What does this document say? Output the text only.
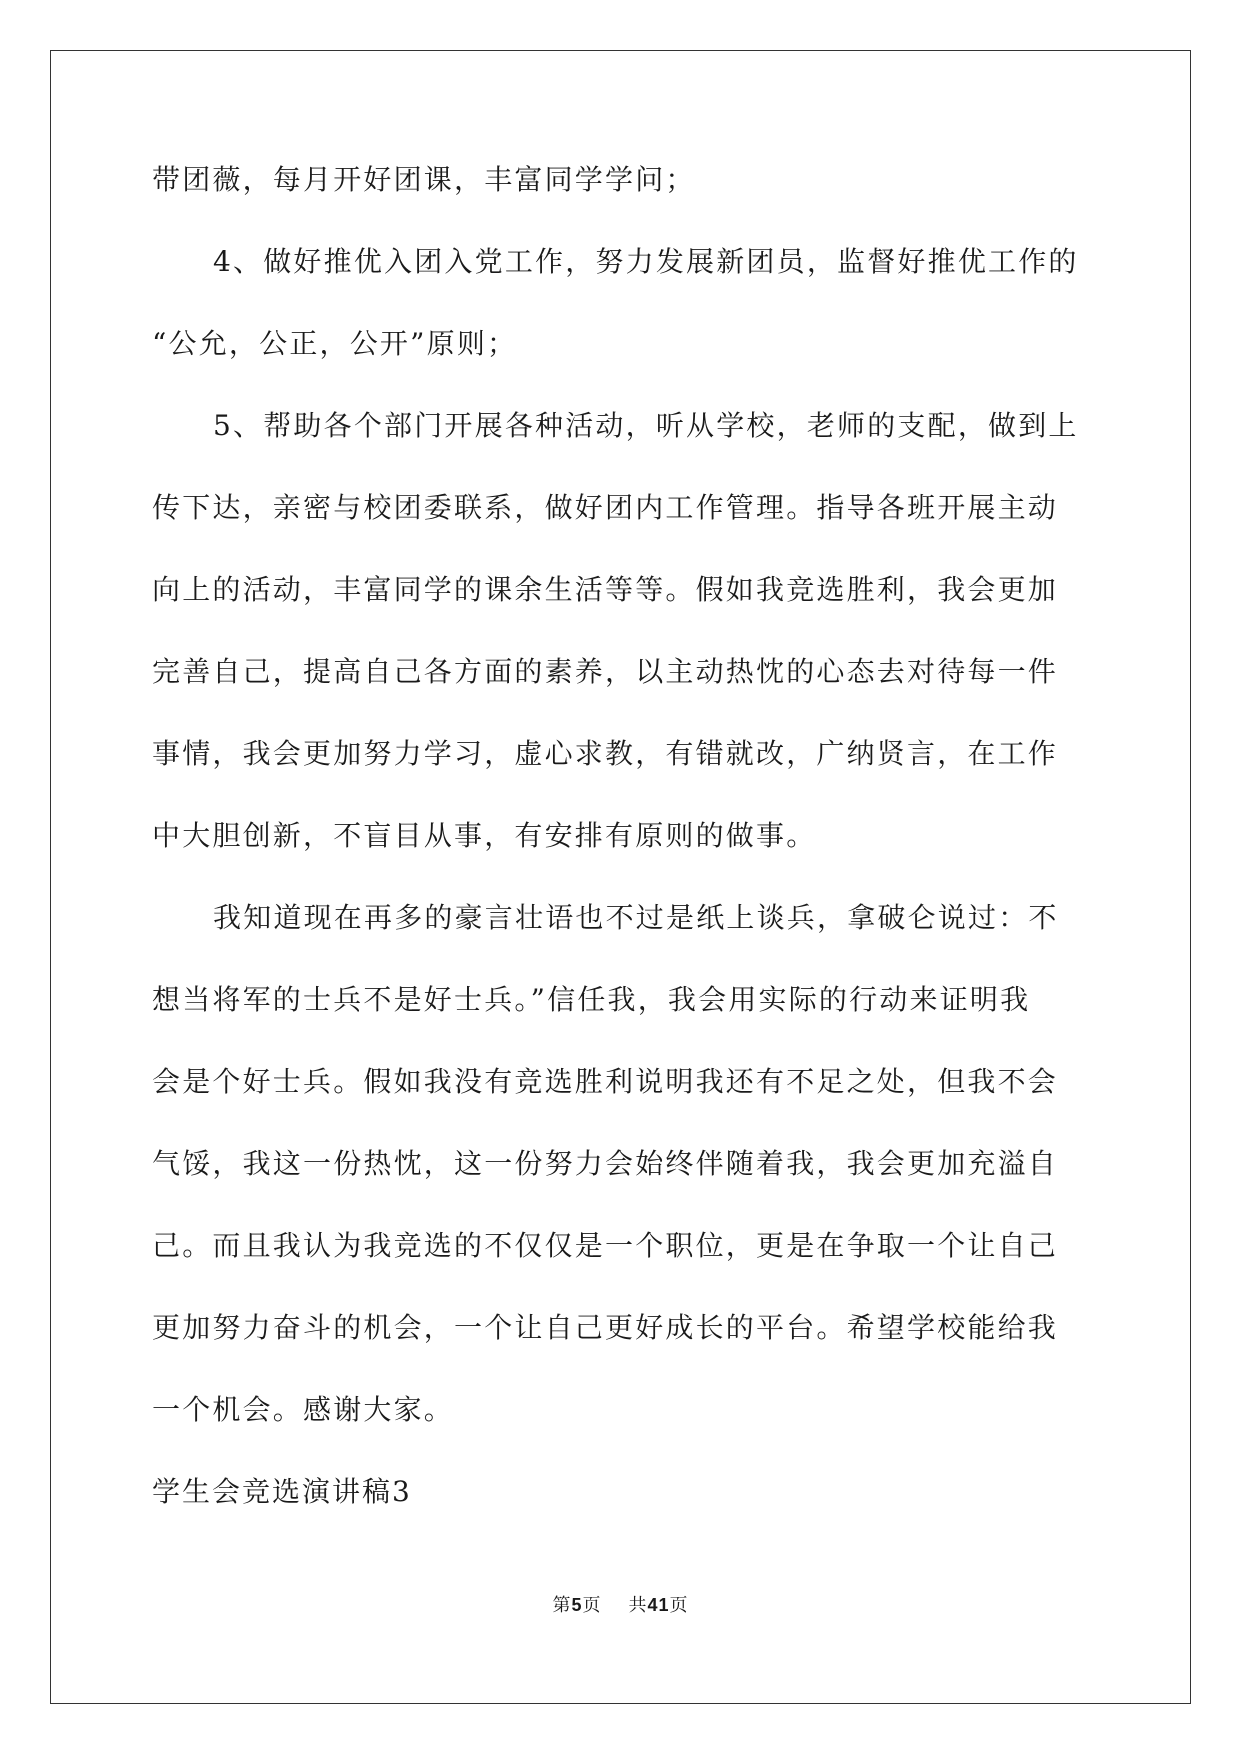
带团薇，每月开好团课，丰富同学学问；
4、做好推优入团入党工作，努力发展新团员，监督好推优工作的
“公允，公正，公开”原则；
5、帮助各个部门开展各种活动，听从学校，老师的支配，做到上
传下达，亲密与校团委联系，做好团内工作管理。指导各班开展主动
向上的活动，丰富同学的课余生活等等。假如我竞选胜利，我会更加
完善自己，提高自己各方面的素养，以主动热忱的心态去对待每一件
事情，我会更加努力学习，虚心求教，有错就改，广纳贤言，在工作
中大胆创新，不盲目从事，有安排有原则的做事。
我知道现在再多的豪言壮语也不过是纸上谈兵，拿破仑说过：不
想当将军的士兵不是好士兵。”信任我，我会用实际的行动来证明我
会是个好士兵。假如我没有竞选胜利说明我还有不足之处，但我不会
气馁，我这一份热忱，这一份努力会始终伴随着我，我会更加充溢自
己。而且我认为我竞选的不仅仅是一个职位，更是在争取一个让自己
更加努力奋斗的机会，一个让自己更好成长的平台。希望学校能给我
一个机会。感谢大家。
学生会竞选演讲稿3
第5页 共41页
